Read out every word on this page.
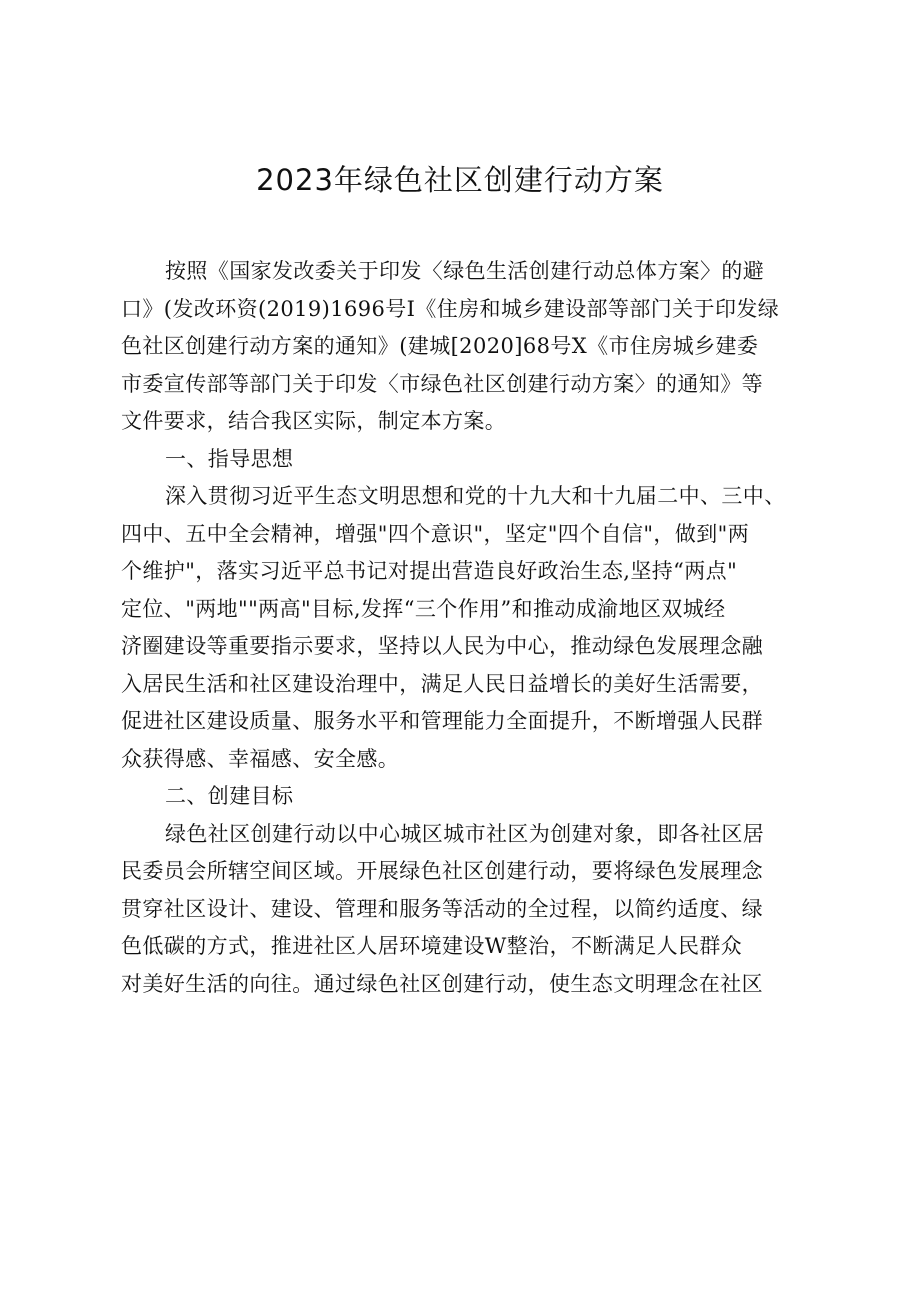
2023年绿色社区创建行动方案

按照《国家发改委关于印发〈绿色生活创建行动总体方案〉的避
口》(发改环资(2019)1696号I《住房和城乡建设部等部门关于印发绿
色社区创建行动方案的通知》(建城[2020]68号X《市住房城乡建委
市委宣传部等部门关于印发〈市绿色社区创建行动方案〉的通知》等
文件要求，结合我区实际，制定本方案。

一、指导思想

深入贯彻习近平生态文明思想和党的十九大和十九届二中、三中、
四中、五中全会精神，增强"四个意识"，坚定"四个自信"，做到"两
个维护"，落实习近平总书记对提出营造良好政治生态,坚持“两点"
定位、"两地""两高"目标,发挥“三个作用”和推动成渝地区双城经
济圈建设等重要指示要求，坚持以人民为中心，推动绿色发展理念融
入居民生活和社区建设治理中，满足人民日益增长的美好生活需要，
促进社区建设质量、服务水平和管理能力全面提升，不断增强人民群
众获得感、幸福感、安全感。

二、创建目标

绿色社区创建行动以中心城区城市社区为创建对象，即各社区居
民委员会所辖空间区域。开展绿色社区创建行动，要将绿色发展理念
贯穿社区设计、建设、管理和服务等活动的全过程，以简约适度、绿
色低碳的方式，推进社区人居环境建设W整治，不断满足人民群众
对美好生活的向往。通过绿色社区创建行动，使生态文明理念在社区
